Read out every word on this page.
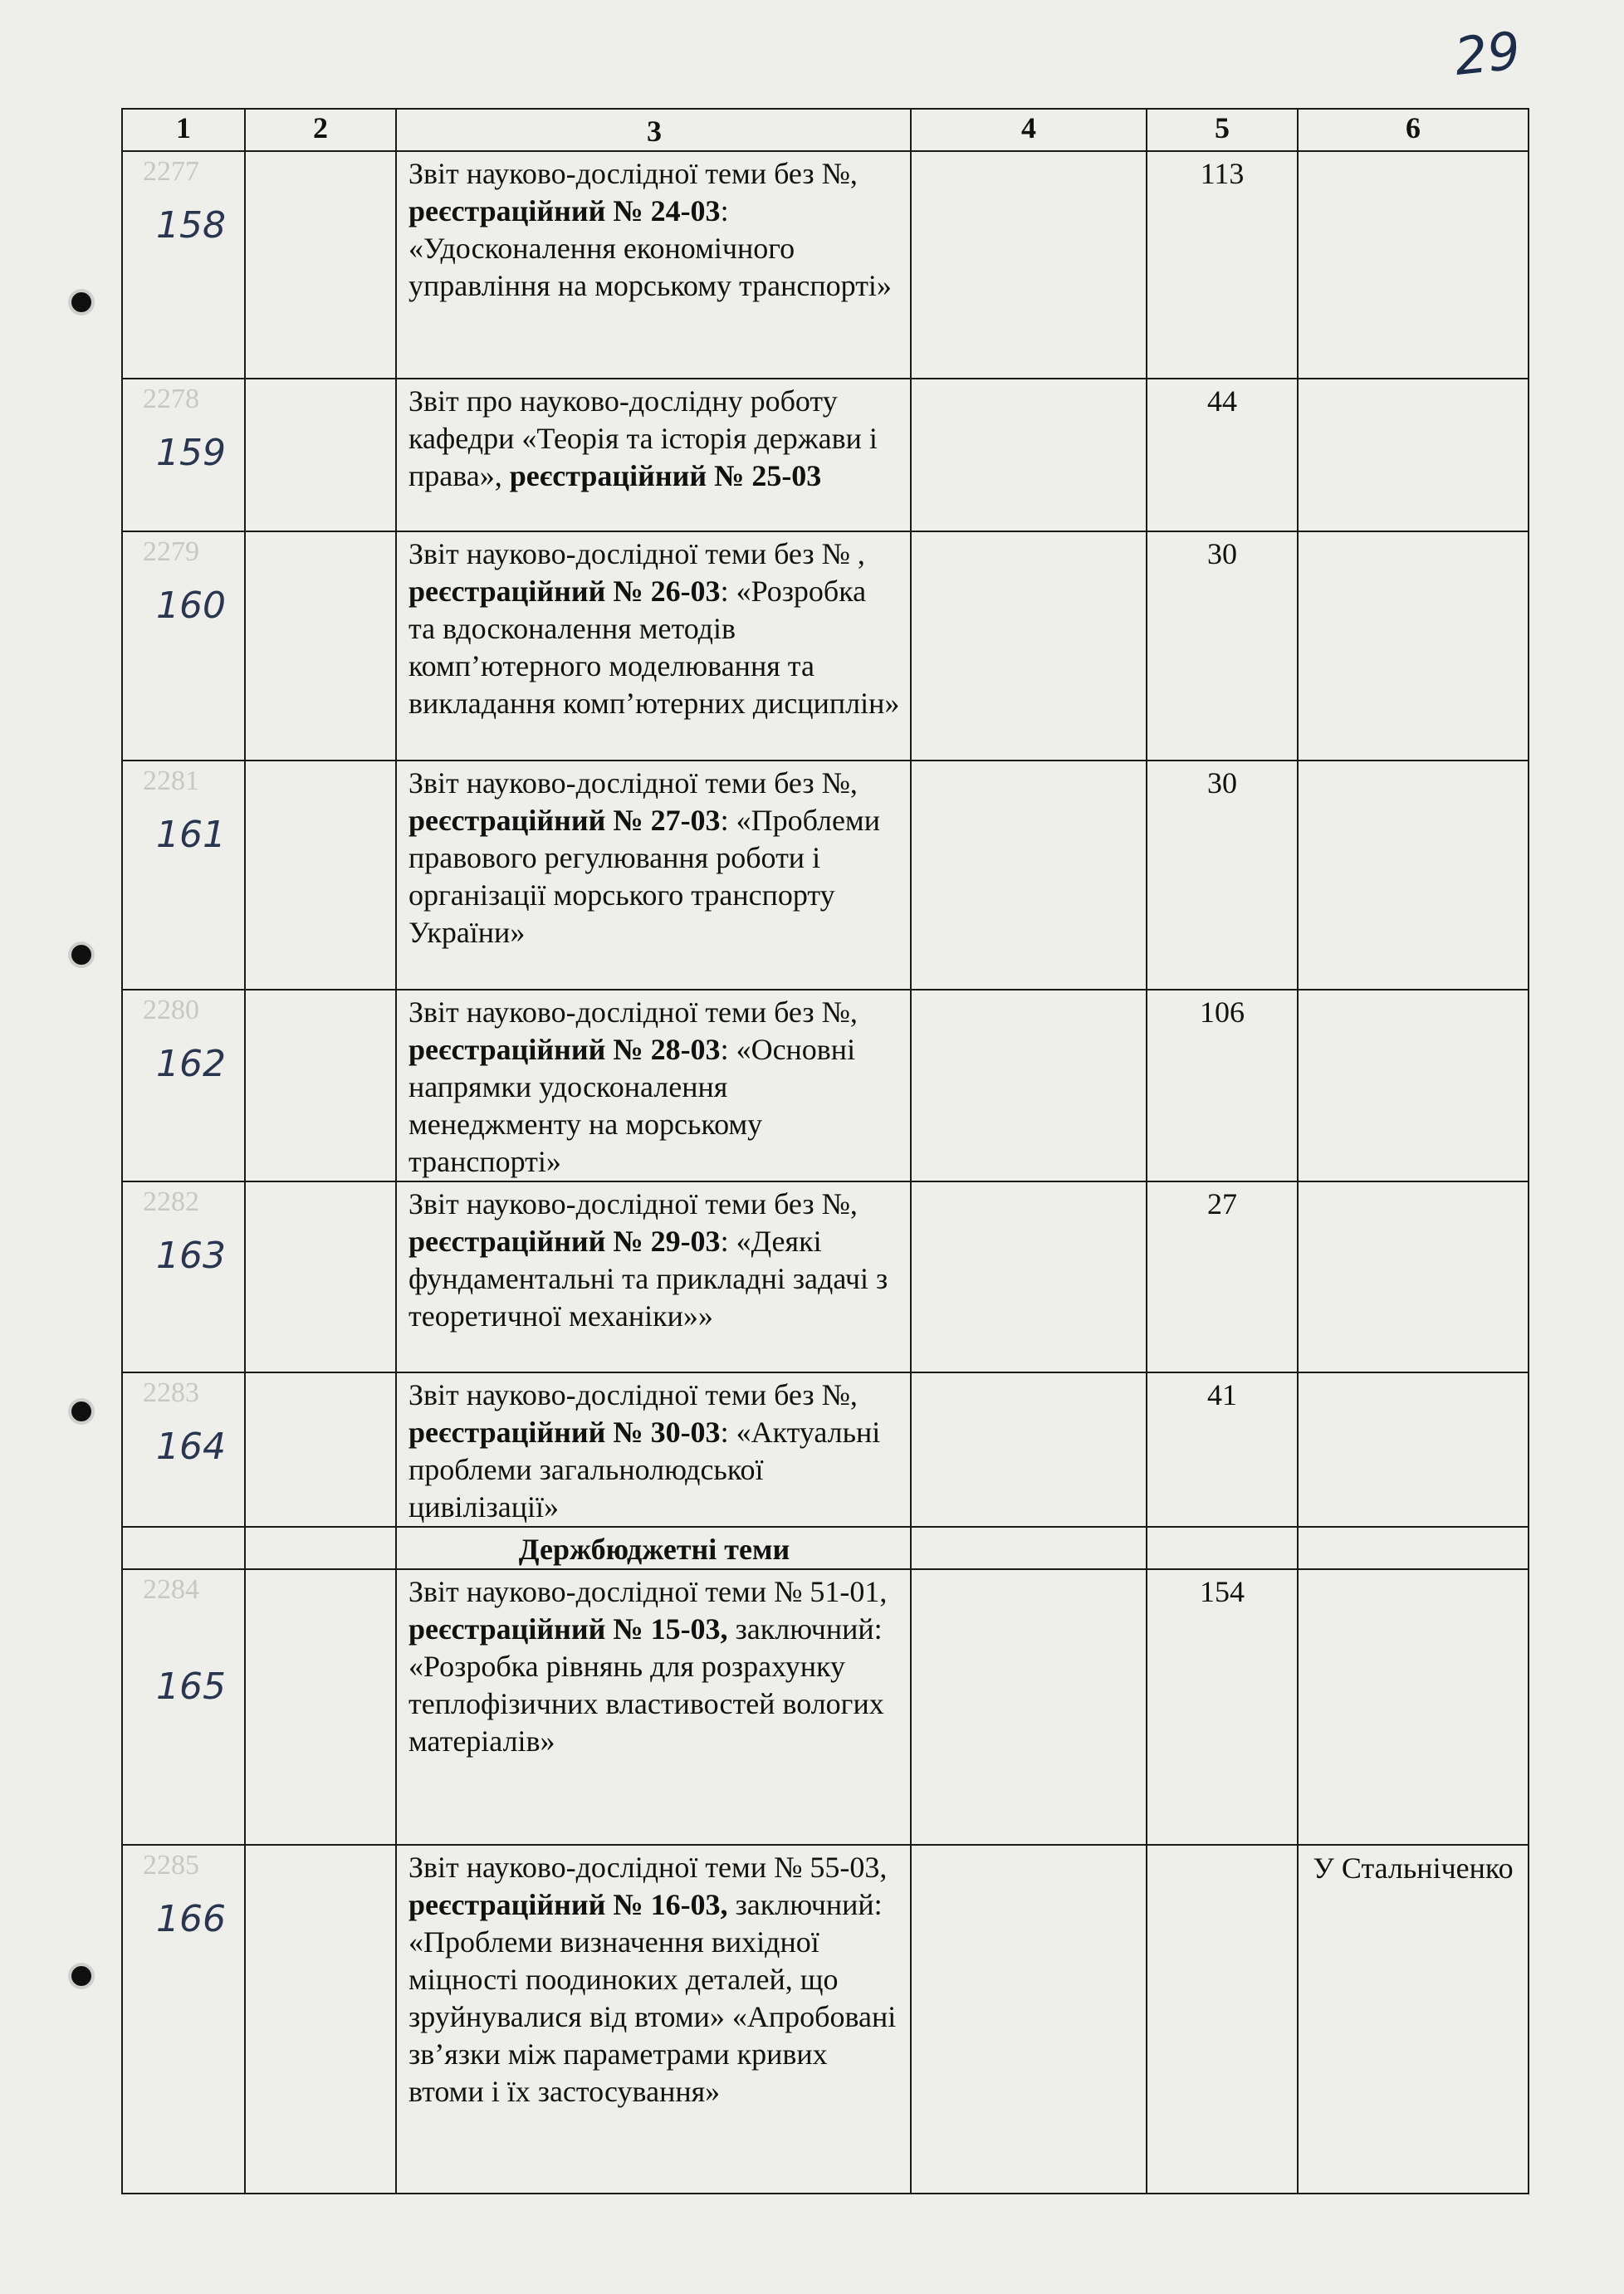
29
1	2	3	4	5	6

2277
158		Звіт науково-дослідної теми без №, реєстраційний № 24-03: «Удосконалення економічного управління на морському транспорті»		113	

2278
159		Звіт про науково-дослідну роботу кафедри «Теорія та історія держави і права», реєстраційний № 25-03		44	

2279
160		Звіт науково-дослідної теми без № , реєстраційний № 26-03: «Розробка та вдосконалення методів комп’ютерного моделювання та викладання комп’ютерних дисциплін»		30	

2281
161		Звіт науково-дослідної теми без №, реєстраційний № 27-03: «Проблеми правового регулювання роботи і організації морського транспорту України»		30	

2280
162		Звіт науково-дослідної теми без №, реєстраційний № 28-03: «Основні напрямки удосконалення менеджменту на морському транспорті»		106	

2282
163		Звіт науково-дослідної теми без №, реєстраційний № 29-03: «Деякі фундаментальні та прикладні задачі з теоретичної механіки»»		27	

2283
164		Звіт науково-дослідної теми без №, реєстраційний № 30-03: «Актуальні проблеми загальнолюдської цивілізації»		41	

		Держбюджетні теми			

2284
165		Звіт науково-дослідної теми № 51-01, реєстраційний № 15-03, заключний: «Розробка рівнянь для розрахунку теплофізичних властивостей вологих матеріалів»		154	

2285
166		Звіт науково-дослідної теми № 55-03, реєстраційний № 16-03, заключний: «Проблеми визначення вихідної міцності поодиноких деталей, що зруйнувалися від втоми» «Апробовані зв’язки між параметрами кривих втоми і їх застосування»			У Стальніченко
